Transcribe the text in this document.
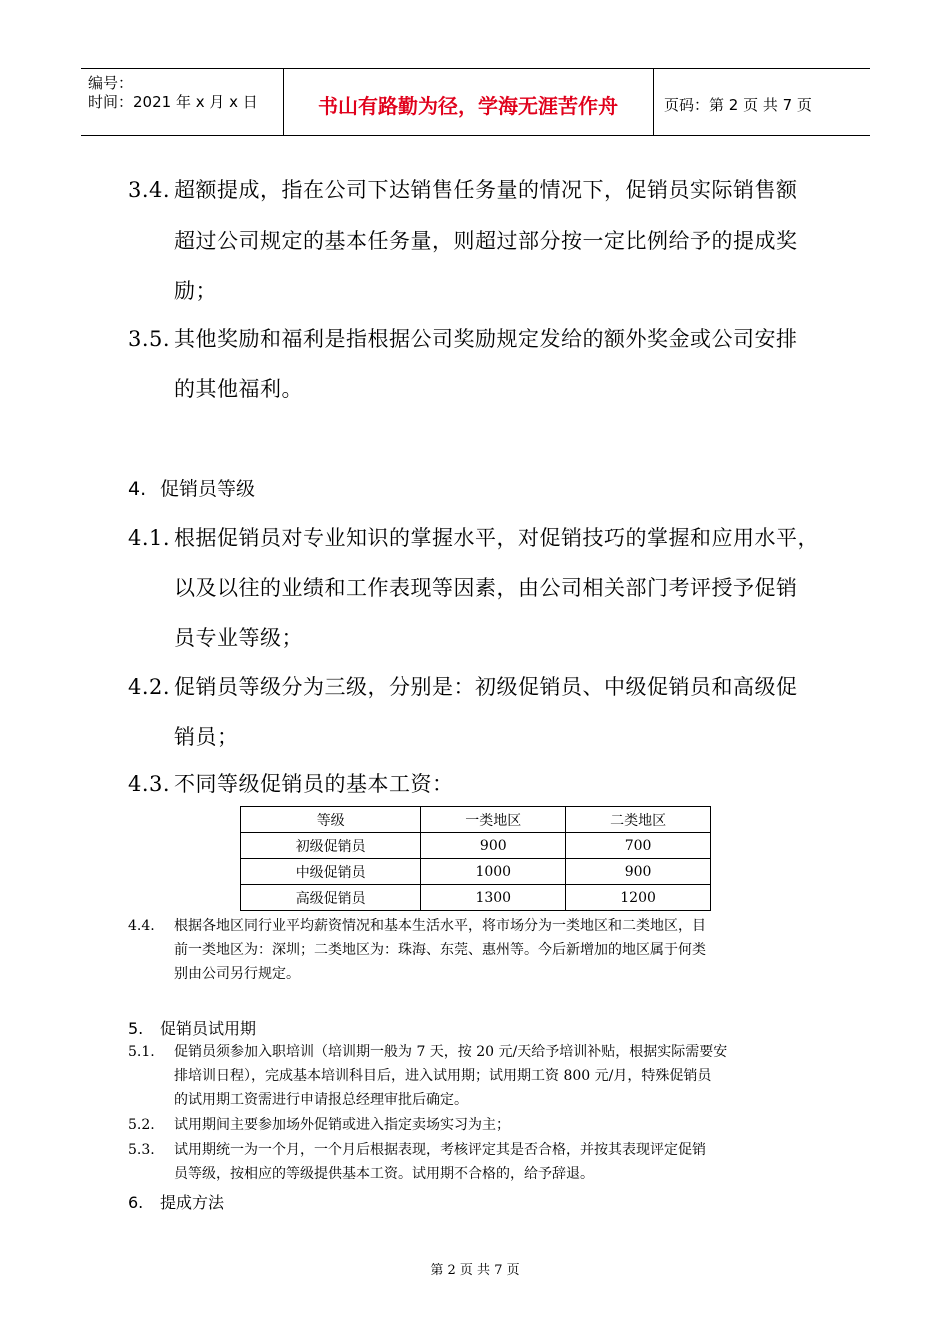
编号：
时间：2021 年 x 月 x 日	书山有路勤为径，学海无涯苦作舟	页码：第 2 页 共 7 页
3.4. 超额提成，指在公司下达销售任务量的情况下，促销员实际销售额
超过公司规定的基本任务量，则超过部分按一定比例给予的提成奖
励；
3.5. 其他奖励和福利是指根据公司奖励规定发给的额外奖金或公司安排
的其他福利。
4. 促销员等级
4.1. 根据促销员对专业知识的掌握水平，对促销技巧的掌握和应用水平，
以及以往的业绩和工作表现等因素，由公司相关部门考评授予促销
员专业等级；
4.2. 促销员等级分为三级，分别是：初级促销员、中级促销员和高级促
销员；
4.3. 不同等级促销员的基本工资：
等级	一类地区	二类地区
初级促销员	900	700
中级促销员	1000	900
高级促销员	1300	1200
4.4. 根据各地区同行业平均薪资情况和基本生活水平，将市场分为一类地区和二类地区，目
前一类地区为：深圳；二类地区为：珠海、东莞、惠州等。今后新增加的地区属于何类
别由公司另行规定。
5. 促销员试用期
5.1. 促销员须参加入职培训（培训期一般为 7 天，按 20 元/天给予培训补贴，根据实际需要安
排培训日程），完成基本培训科目后，进入试用期；试用期工资 800 元/月，特殊促销员
的试用期工资需进行申请报总经理审批后确定。
5.2. 试用期间主要参加场外促销或进入指定卖场实习为主；
5.3. 试用期统一为一个月，一个月后根据表现，考核评定其是否合格，并按其表现评定促销
员等级，按相应的等级提供基本工资。试用期不合格的，给予辞退。
6. 提成方法
第 2 页 共 7 页
